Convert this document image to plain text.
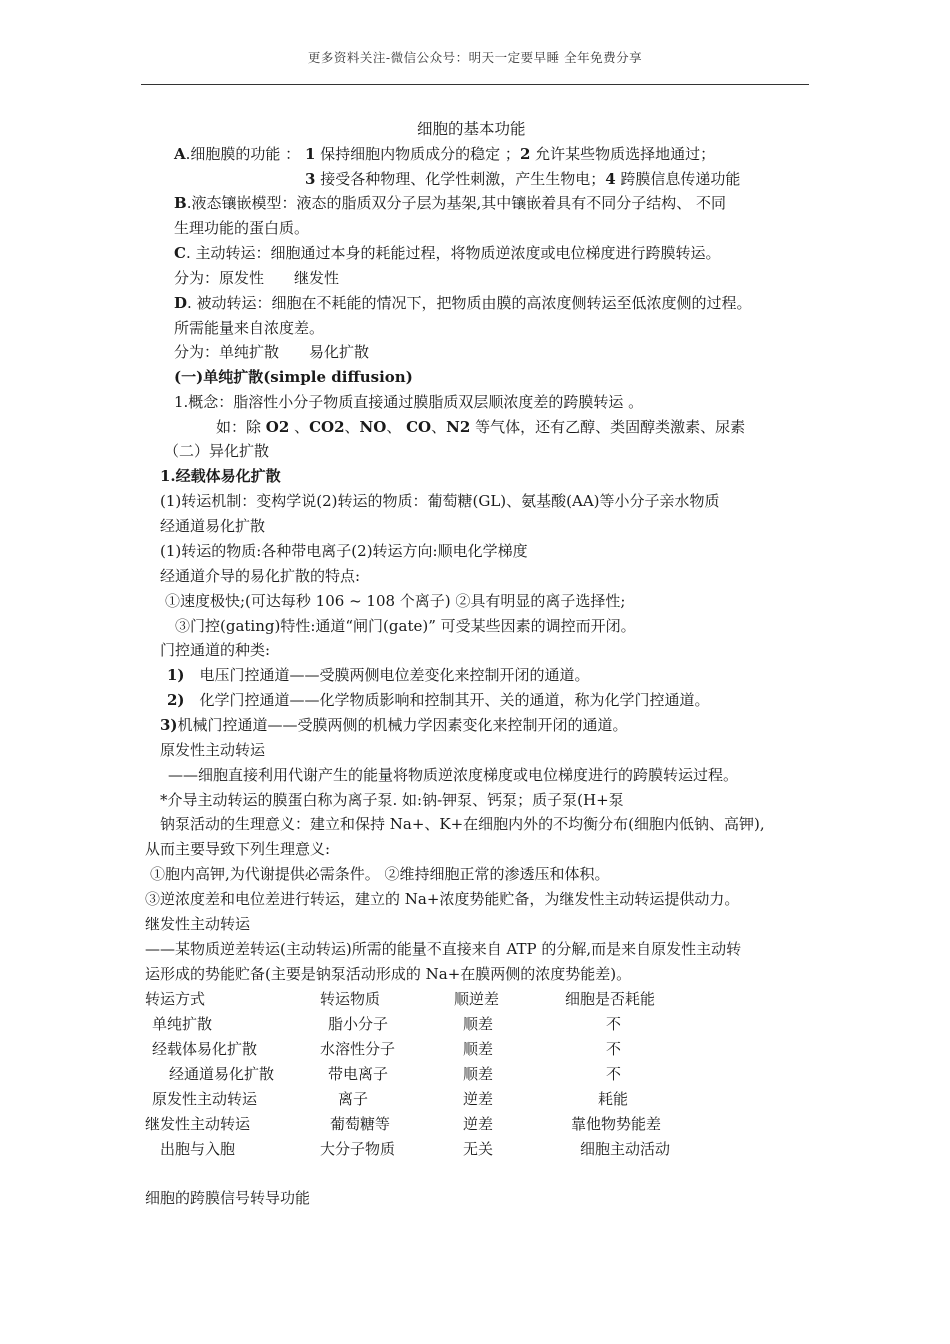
更多资料关注-微信公众号：明天一定要早睡 全年免费分享
细胞的基本功能
A.细胞膜的功能 ： 1 保持细胞内物质成分的稳定 ；2 允许某些物质选择地通过；
3 接受各种物理、化学性刺激，产生生物电；4 跨膜信息传递功能
B.液态镶嵌模型：液态的脂质双分子层为基架,其中镶嵌着具有不同分子结构、 不同
生理功能的蛋白质。
C. 主动转运：细胞通过本身的耗能过程，将物质逆浓度或电位梯度进行跨膜转运。
分为：原发性　　继发性
D. 被动转运：细胞在不耗能的情况下，把物质由膜的高浓度侧转运至低浓度侧的过程。
所需能量来自浓度差。
分为：单纯扩散　　易化扩散
(一)单纯扩散(simple diffusion)
1.概念：脂溶性小分子物质直接通过膜脂质双层顺浓度差的跨膜转运 。
如：除 O2 、CO2、NO、 CO、N2 等气体，还有乙醇、类固醇类激素、尿素
（二）异化扩散
1.经载体易化扩散
(1)转运机制：变构学说(2)转运的物质：葡萄糖(GL)、氨基酸(AA)等小分子亲水物质
经通道易化扩散
(1)转运的物质:各种带电离子(2)转运方向:顺电化学梯度
经通道介导的易化扩散的特点:
①速度极快;(可达每秒 106 ~ 108 个离子) ②具有明显的离子选择性;
③门控(gating)特性:通道“闸门(gate)” 可受某些因素的调控而开闭。
门控通道的种类:
1)　电压门控通道——受膜两侧电位差变化来控制开闭的通道。
2)　化学门控通道——化学物质影响和控制其开、关的通道，称为化学门控通道。
3)机械门控通道——受膜两侧的机械力学因素变化来控制开闭的通道。
原发性主动转运
——细胞直接利用代谢产生的能量将物质逆浓度梯度或电位梯度进行的跨膜转运过程。
*介导主动转运的膜蛋白称为离子泵. 如:钠-钾泵、钙泵；质子泵(H+泵
钠泵活动的生理意义：建立和保持 Na+、K+在细胞内外的不均衡分布(细胞内低钠、高钾),
从而主要导致下列生理意义:
①胞内高钾,为代谢提供必需条件。 ②维持细胞正常的渗透压和体积。
③逆浓度差和电位差进行转运，建立的 Na+浓度势能贮备，为继发性主动转运提供动力。
继发性主动转运
——某物质逆差转运(主动转运)所需的能量不直接来自 ATP 的分解,而是来自原发性主动转
运形成的势能贮备(主要是钠泵活动形成的 Na+在膜两侧的浓度势能差)。
转运方式	转运物质	顺逆差	细胞是否耗能
单纯扩散	脂小分子	顺差	不
经载体易化扩散	水溶性分子	顺差	不
经通道易化扩散	带电离子	顺差	不
原发性主动转运	离子	逆差	耗能
继发性主动转运	葡萄糖等	逆差	靠他物势能差
出胞与入胞	大分子物质	无关	细胞主动活动
细胞的跨膜信号转导功能
